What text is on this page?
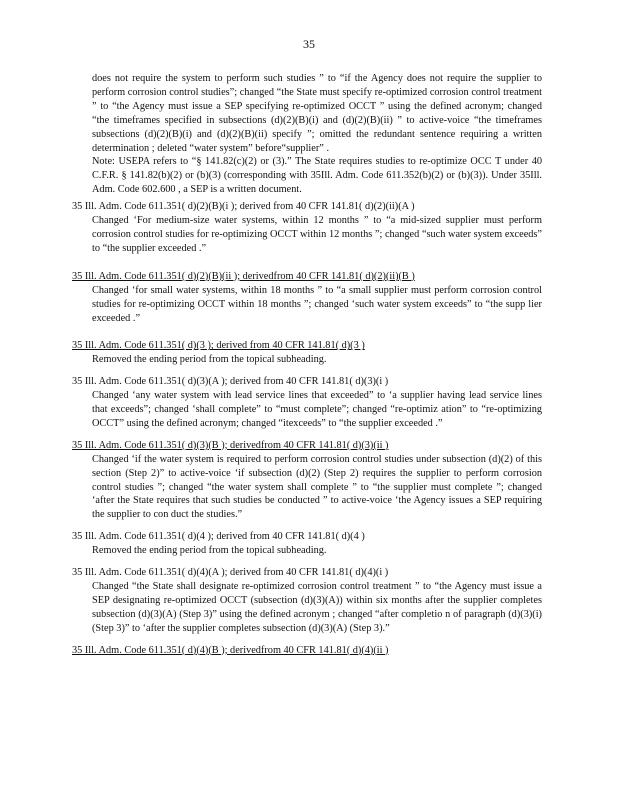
35
does not require the system to perform such studies ” to “if the Agency does not require the supplier to perform corrosion control studies”; changed “the State must specify re-optimized corrosion control treatment ” to “the Agency must issue a SEP specifying re-optimized OCCT ” using the defined acronym; changed “the timeframes specified in subsections (d)(2)(B)(i) and (d)(2)(B)(ii) ” to active-voice “the timeframes subsections (d)(2)(B)(i) and (d)(2)(B)(ii) specify ”; omitted the redundant sentence requiring a written determination ; deleted “water system” before“supplier” .
Note: USEPA refers to “§ 141.82(c)(2) or (3).” The State requires studies to re-optimize OCC T under 40 C.F.R. § 141.82(b)(2) or (b)(3) (corresponding with 35Ill. Adm. Code 611.352(b)(2) or (b)(3)). Under 35Ill. Adm. Code 602.600 , a SEP is a written document.
35 Ill. Adm. Code 611.351( d)(2)(B)(i ); derived from 40 CFR 141.81( d)(2)(ii)(A )
Changed ‘For medium-size water systems, within 12 months ” to “a mid-sized supplier must perform corrosion control studies for re-optimizing OCCT within 12 months ”; changed “such water system exceeds” to “the supplier exceeded .”
35 Ill. Adm. Code 611.351( d)(2)(B)(ii ); derivedfrom 40 CFR 141.81( d)(2)(ii)(B )
Changed ‘for small water systems, within 18 months ” to “a small supplier must perform corrosion control studies for re-optimizing OCCT within 18 months ”; changed ‘such water system exceeds” to “the supp lier exceeded .”
35 Ill. Adm. Code 611.351( d)(3 ); derived from 40 CFR 141.81( d)(3 )
Removed the ending period from the topical subheading.
35 Ill. Adm. Code 611.351( d)(3)(A ); derived from 40 CFR 141.81( d)(3)(i )
Changed ‘any water system with lead service lines that exceeded” to ‘a supplier having lead service lines that exceeds”; changed ‘shall complete” to “must complete”; changed “re-optimiz ation” to “re-optimizing OCCT” using the defined acronym; changed “itexceeds” to “the supplier exceeded .”
35 Ill. Adm. Code 611.351( d)(3)(B ); derivedfrom 40 CFR 141.81( d)(3)(ii )
Changed ‘if the water system is required to perform corrosion control studies under subsection (d)(2) of this section (Step 2)” to active-voice ‘if subsection (d)(2) (Step 2) requires the supplier to perform corrosion control studies ”; changed “the water system shall complete ” to “the supplier must complete ”; changed ‘after the State requires that such studies be conducted ” to active-voice ‘the Agency issues a SEP requiring the supplier to con duct the studies.”
35 Ill. Adm. Code 611.351( d)(4 ); derived from 40 CFR 141.81( d)(4 )
Removed the ending period from the topical subheading.
35 Ill. Adm. Code 611.351( d)(4)(A ); derived from 40 CFR 141.81( d)(4)(i )
Changed “the State shall designate re-optimized corrosion control treatment ” to “the Agency must issue a SEP designating re-optimized OCCT (subsection (d)(3)(A)) within six months after the supplier completes subsection (d)(3)(A) (Step 3)” using the defined acronym ; changed “after completio n of paragraph (d)(3)(i) (Step 3)” to ‘after the supplier completes subsection (d)(3)(A) (Step 3).”
35 Ill. Adm. Code 611.351( d)(4)(B ); derivedfrom 40 CFR 141.81( d)(4)(ii )
